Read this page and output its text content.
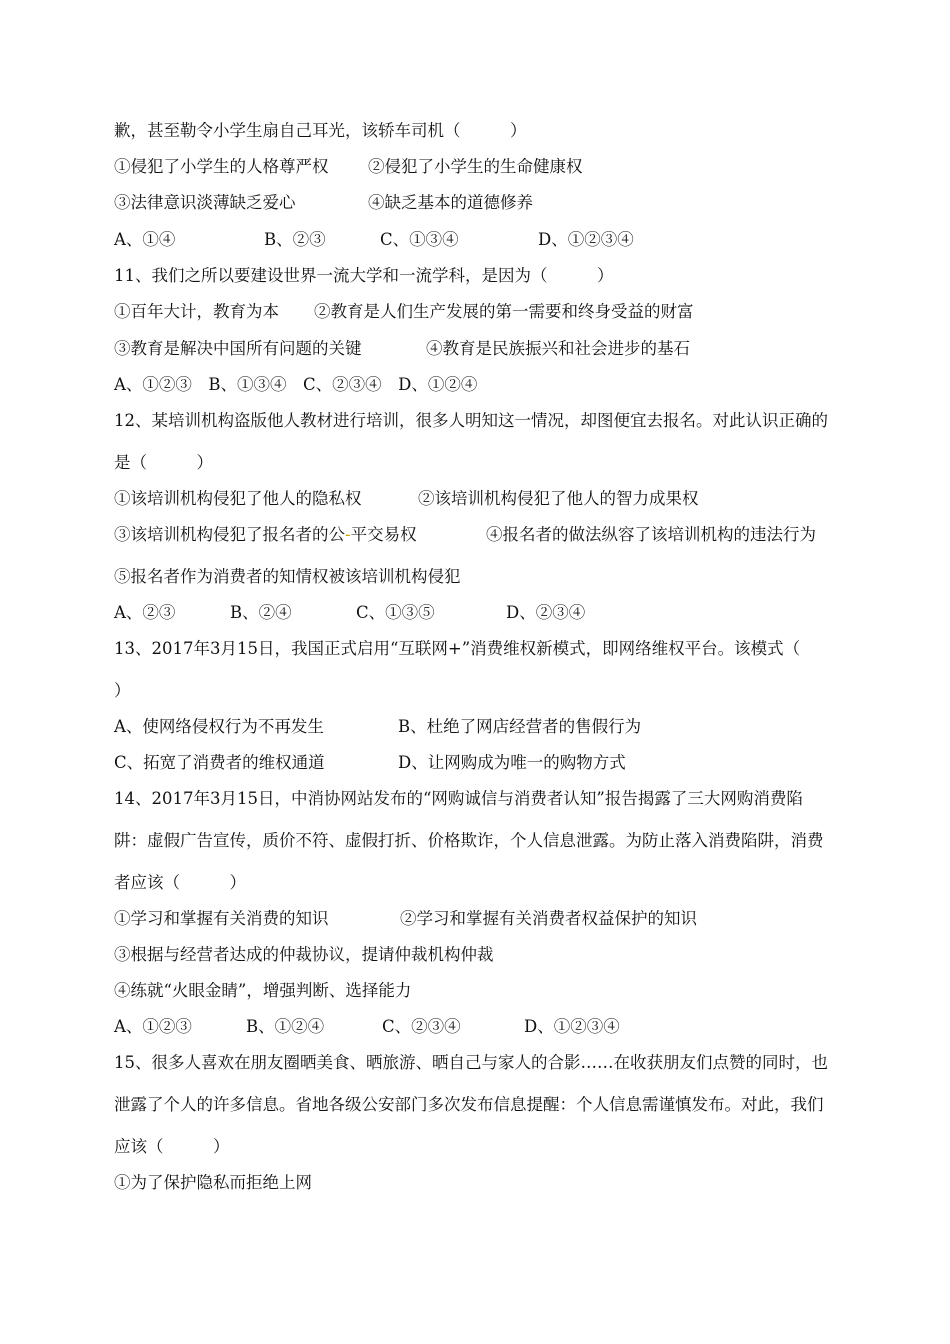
歉，甚至勒令小学生扇自己耳光，该轿车司机（　　　）
①侵犯了小学生的人格尊严权	②侵犯了小学生的生命健康权
③法律意识淡薄缺乏爱心	④缺乏基本的道德修养
A、①④	B、②③	C、①③④	D、①②③④
11、我们之所以要建设世界一流大学和一流学科，是因为（　　　）
①百年大计，教育为本	②教育是人们生产发展的第一需要和终身受益的财富
③教育是解决中国所有问题的关键	④教育是民族振兴和社会进步的基石
A、①②③　B、①③④　C、②③④　D、①②④
12、某培训机构盗版他人教材进行培训，很多人明知这一情况，却图便宜去报名。对此认识正确的
是（　　　）
①该培训机构侵犯了他人的隐私权	②该培训机构侵犯了他人的智力成果权
③该培训机构侵犯了报名者的公-平交易权	④报名者的做法纵容了该培训机构的违法行为
⑤报名者作为消费者的知情权被该培训机构侵犯
A、②③	B、②④	C、①③⑤	D、②③④
13、2017年3月15日，我国正式启用“互联网+”消费维权新模式，即网络维权平台。该模式（
）
A、使网络侵权行为不再发生	B、杜绝了网店经营者的售假行为
C、拓宽了消费者的维权通道	D、让网购成为唯一的购物方式
14、2017年3月15日，中消协网站发布的“网购诚信与消费者认知”报告揭露了三大网购消费陷
阱：虚假广告宣传，质价不符、虚假打折、价格欺诈，个人信息泄露。为防止落入消费陷阱，消费
者应该（　　　）
①学习和掌握有关消费的知识	②学习和掌握有关消费者权益保护的知识
③根据与经营者达成的仲裁协议，提请仲裁机构仲裁
④练就“火眼金睛”，增强判断、选择能力
A、①②③	B、①②④	C、②③④	D、①②③④
15、很多人喜欢在朋友圈晒美食、晒旅游、晒自己与家人的合影……在收获朋友们点赞的同时，也
泄露了个人的许多信息。省地各级公安部门多次发布信息提醒：个人信息需谨慎发布。对此，我们
应该（　　　）
①为了保护隐私而拒绝上网
